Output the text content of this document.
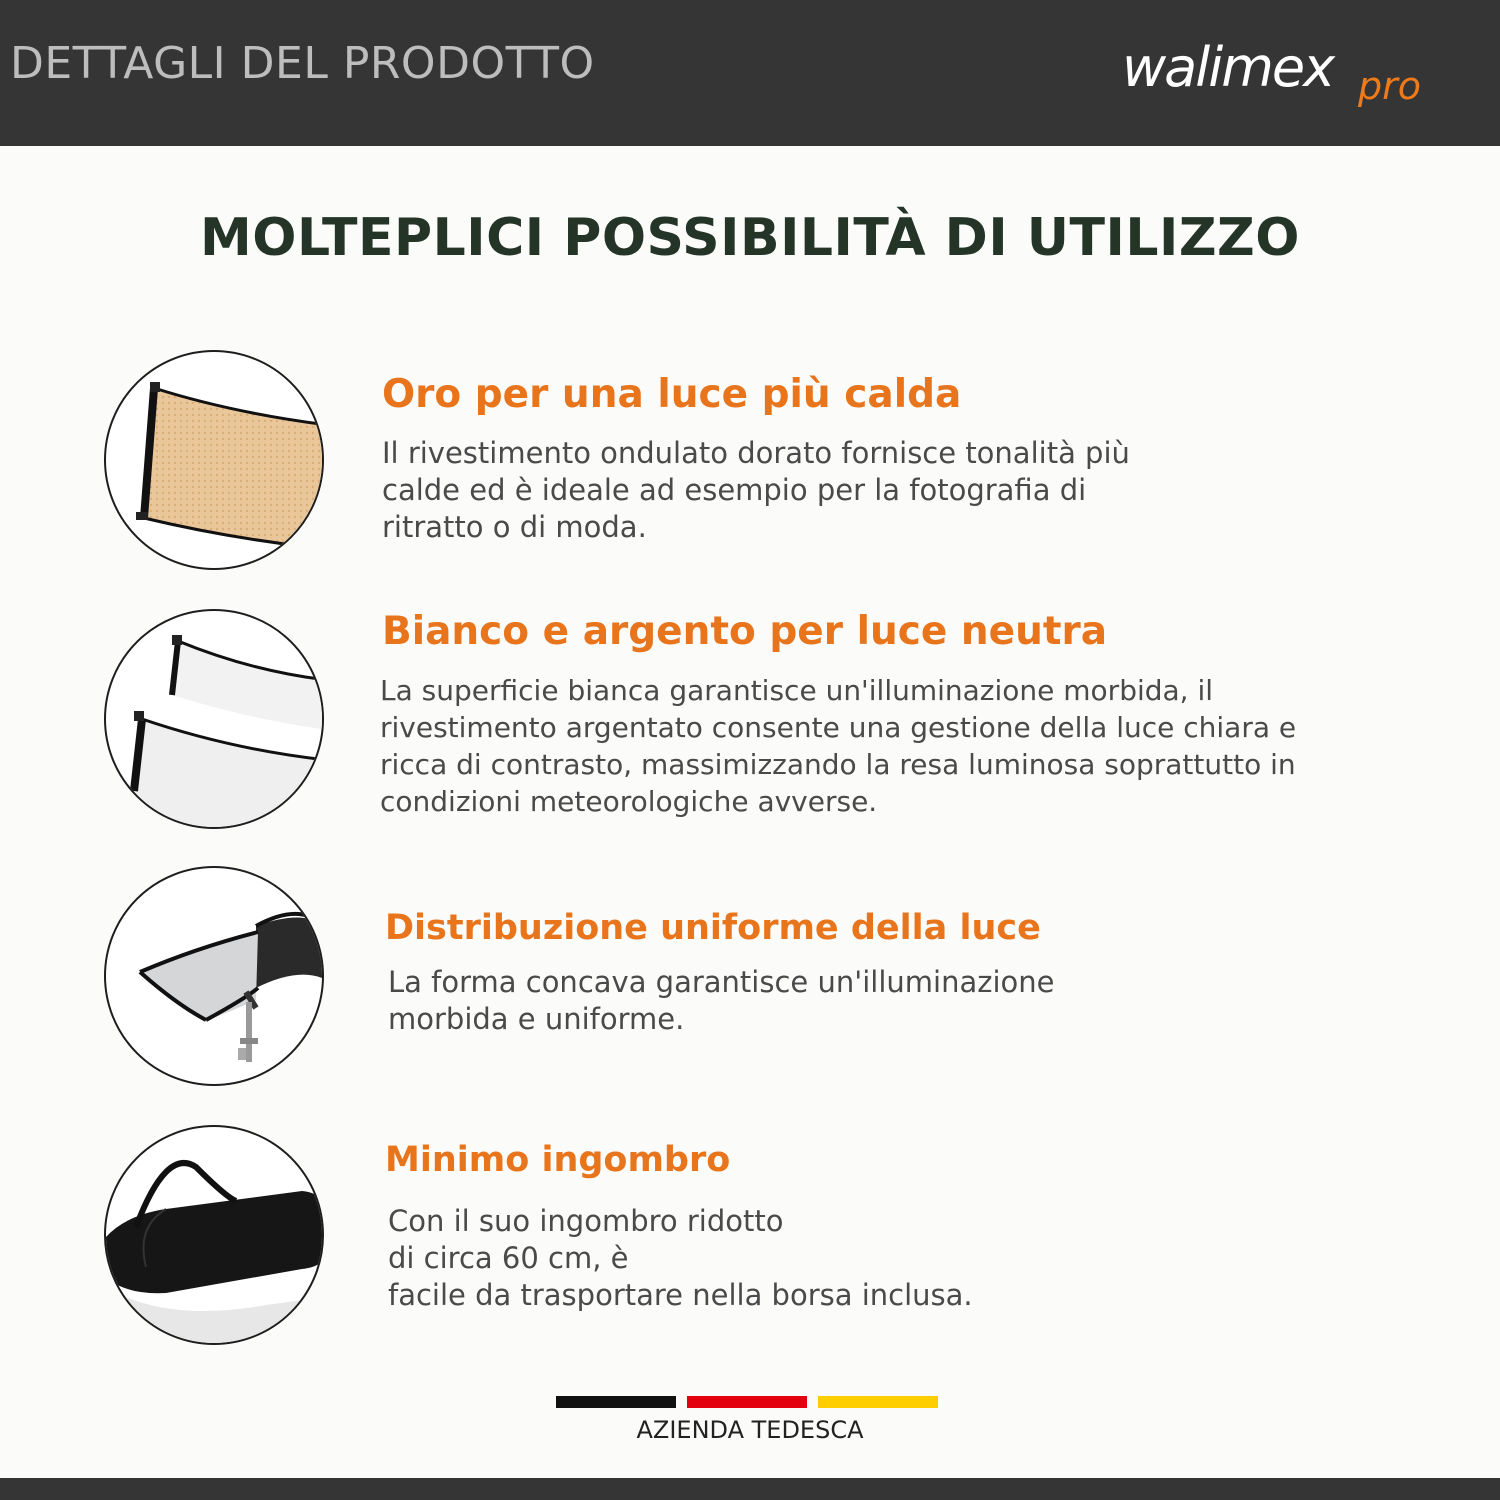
DETTAGLI DEL PRODOTTO	walimex pro
MOLTEPLICI POSSIBILITÀ DI UTILIZZO
Oro per una luce più calda
Il rivestimento ondulato dorato fornisce tonalità più
calde ed è ideale ad esempio per la fotografia di
ritratto o di moda.
Bianco e argento per luce neutra
La superficie bianca garantisce un'illuminazione morbida, il
rivestimento argentato consente una gestione della luce chiara e
ricca di contrasto, massimizzando la resa luminosa soprattutto in
condizioni meteorologiche avverse.
Distribuzione uniforme della luce
La forma concava garantisce un'illuminazione
morbida e uniforme.
Minimo ingombro
Con il suo ingombro ridotto
di circa 60 cm, è
facile da trasportare nella borsa inclusa.
AZIENDA TEDESCA
